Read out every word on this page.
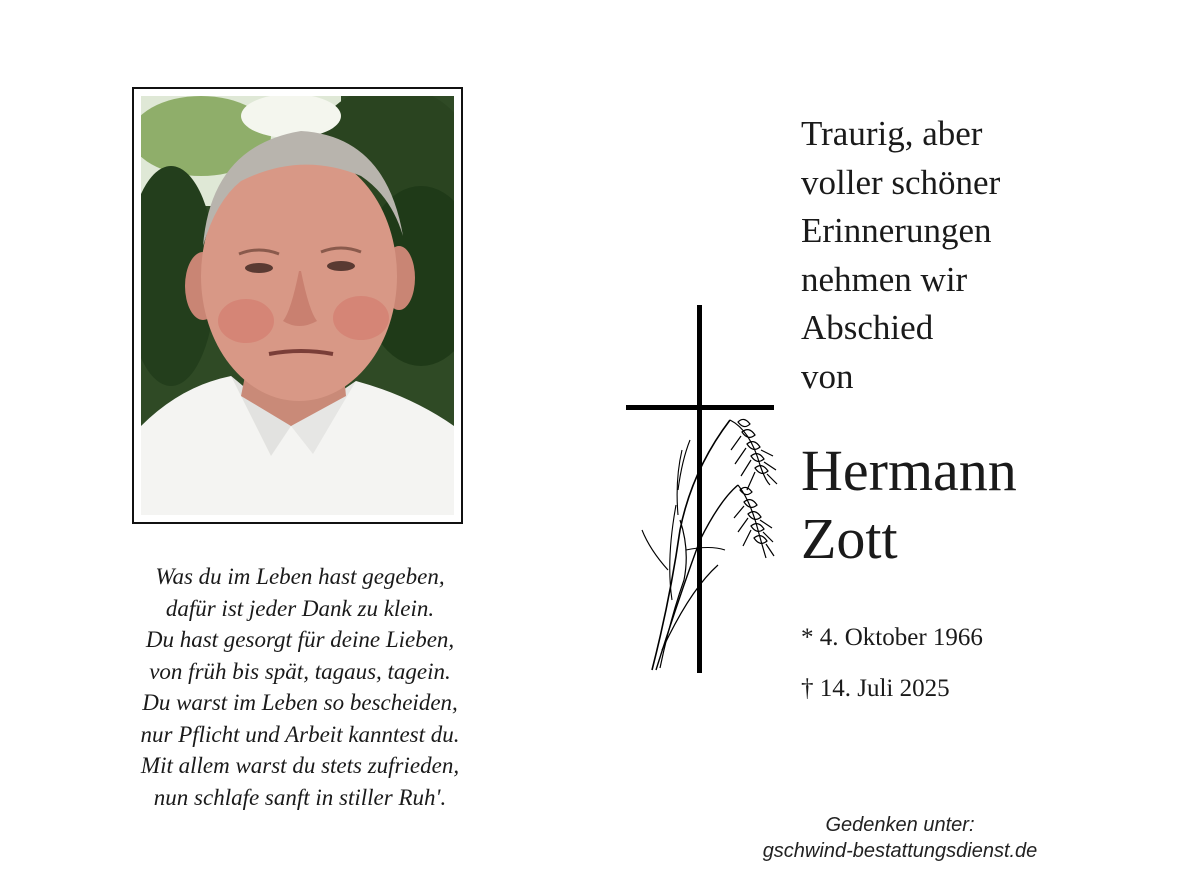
Was du im Leben hast gegeben,
dafür ist jeder Dank zu klein.
Du hast gesorgt für deine Lieben,
von früh bis spät, tagaus, tagein.
Du warst im Leben so bescheiden,
nur Pflicht und Arbeit kanntest du.
Mit allem warst du stets zufrieden,
nun schlafe sanft in stiller Ruh'.
Traurig, aber
voller schöner
Erinnerungen
nehmen wir
Abschied
von
Hermann
Zott
* 4. Oktober 1966
† 14. Juli 2025
Gedenken unter:
gschwind-bestattungsdienst.de
